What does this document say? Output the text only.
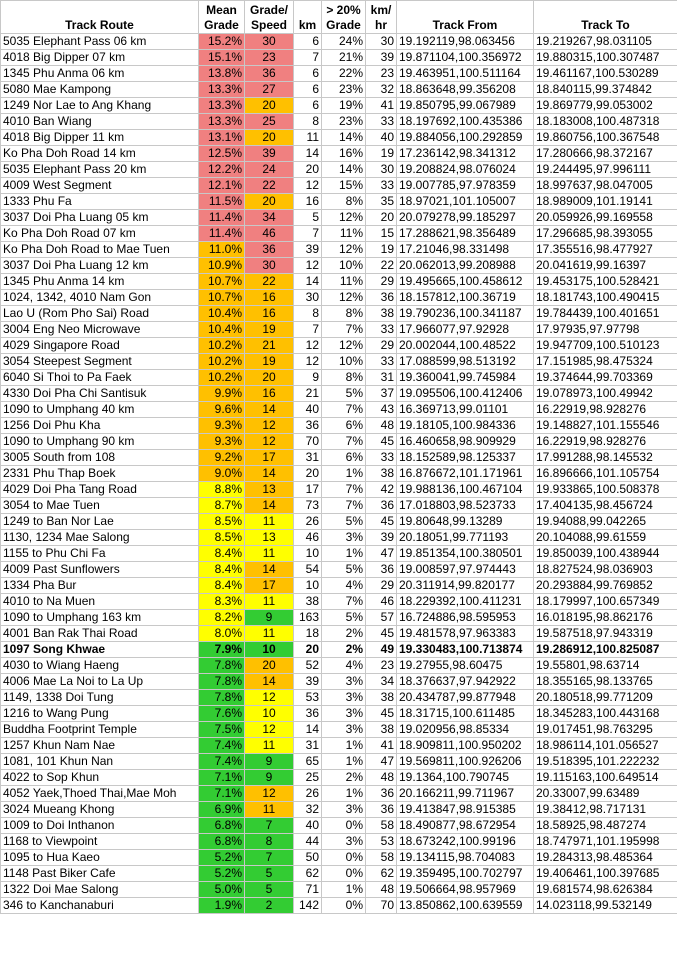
Track Route	Mean Grade	Grade/ Speed	km	> 20% Grade	km/ hr	Track From	Track To
5035 Elephant Pass 06 km	15.2%	30	6	24%	30	19.192119,98.063456	19.219267,98.031105
4018 Big Dipper 07 km	15.1%	23	7	21%	39	19.871104,100.356972	19.880315,100.307487
1345 Phu Anma 06 km	13.8%	36	6	22%	23	19.463951,100.511164	19.461167,100.530289
5080 Mae Kampong	13.3%	27	6	23%	32	18.863648,99.356208	18.840115,99.374842
1249 Nor Lae to Ang Khang	13.3%	20	6	19%	41	19.850795,99.067989	19.869779,99.053002
4010 Ban Wiang	13.3%	25	8	23%	33	18.197692,100.435386	18.183008,100.487318
4018 Big Dipper 11 km	13.1%	20	11	14%	40	19.884056,100.292859	19.860756,100.367548
Ko Pha Doh Road 14 km	12.5%	39	14	16%	19	17.236142,98.341312	17.280666,98.372167
5035 Elephant Pass 20 km	12.2%	24	20	14%	30	19.208824,98.076024	19.244495,97.996111
4009 West Segment	12.1%	22	12	15%	33	19.007785,97.978359	18.997637,98.047005
1333 Phu Fa	11.5%	20	16	8%	35	18.97021,101.105007	18.989009,101.19141
3037 Doi Pha Luang 05 km	11.4%	34	5	12%	20	20.079278,99.185297	20.059926,99.169558
Ko Pha Doh Road 07 km	11.4%	46	7	11%	15	17.288621,98.356489	17.296685,98.393055
Ko Pha Doh Road to Mae Tuen	11.0%	36	39	12%	19	17.21046,98.331498	17.355516,98.477927
3037 Doi Pha Luang 12 km	10.9%	30	12	10%	22	20.062013,99.208988	20.041619,99.16397
1345 Phu Anma 14 km	10.7%	22	14	11%	29	19.495665,100.458612	19.453175,100.528421
1024, 1342, 4010 Nam Gon	10.7%	16	30	12%	36	18.157812,100.36719	18.181743,100.490415
Lao U (Rom Pho Sai) Road	10.4%	16	8	8%	38	19.790236,100.341187	19.784439,100.401651
3004 Eng Neo Microwave	10.4%	19	7	7%	33	17.966077,97.92928	17.97935,97.97798
4029 Singapore Road	10.2%	21	12	12%	29	20.002044,100.48522	19.947709,100.510123
3054 Steepest Segment	10.2%	19	12	10%	33	17.088599,98.513192	17.151985,98.475324
6040 Si Thoi to Pa Faek	10.2%	20	9	8%	31	19.360041,99.745984	19.374644,99.703369
4330 Doi Pha Chi Santisuk	9.9%	16	21	5%	37	19.095506,100.412406	19.078973,100.49942
1090 to Umphang 40 km	9.6%	14	40	7%	43	16.369713,99.01101	16.22919,98.928276
1256 Doi Phu Kha	9.3%	12	36	6%	48	19.18105,100.984336	19.148827,101.155546
1090 to Umphang 90 km	9.3%	12	70	7%	45	16.460658,98.909929	16.22919,98.928276
3005 South from 108	9.2%	17	31	6%	33	18.152589,98.125337	17.991288,98.145532
2331 Phu Thap Boek	9.0%	14	20	1%	38	16.876672,101.171961	16.896666,101.105754
4029 Doi Pha Tang Road	8.8%	13	17	7%	42	19.988136,100.467104	19.933865,100.508378
3054 to Mae Tuen	8.7%	14	73	7%	36	17.018803,98.523733	17.404135,98.456724
1249 to Ban Nor Lae	8.5%	11	26	5%	45	19.80648,99.13289	19.94088,99.042265
1130, 1234 Mae Salong	8.5%	13	46	3%	39	20.18051,99.771193	20.104088,99.61559
1155 to Phu Chi Fa	8.4%	11	10	1%	47	19.851354,100.380501	19.850039,100.438944
4009 Past Sunflowers	8.4%	14	54	5%	36	19.008597,97.974443	18.827524,98.036903
1334 Pha Bur	8.4%	17	10	4%	29	20.311914,99.820177	20.293884,99.769852
4010 to Na Muen	8.3%	11	38	7%	46	18.229392,100.411231	18.179997,100.657349
1090 to Umphang 163 km	8.2%	9	163	5%	57	16.724886,98.595953	16.018195,98.862176
4001 Ban Rak Thai Road	8.0%	11	18	2%	45	19.481578,97.963383	19.587518,97.943319
1097 Song Khwae	7.9%	10	20	2%	49	19.330483,100.713874	19.286912,100.825087
4030 to Wiang Haeng	7.8%	20	52	4%	23	19.27955,98.60475	19.55801,98.63714
4006 Mae La Noi to La Up	7.8%	14	39	3%	34	18.376637,97.942922	18.355165,98.133765
1149, 1338 Doi Tung	7.8%	12	53	3%	38	20.434787,99.877948	20.180518,99.771209
1216 to Wang Pung	7.6%	10	36	3%	45	18.31715,100.611485	18.345283,100.443168
Buddha Footprint Temple	7.5%	12	14	3%	38	19.020956,98.85334	19.017451,98.763295
1257 Khun Nam Nae	7.4%	11	31	1%	41	18.909811,100.950202	18.986114,101.056527
1081, 101 Khun Nan	7.4%	9	65	1%	47	19.569811,100.926206	19.518395,101.222232
4022 to Sop Khun	7.1%	9	25	2%	48	19.1364,100.790745	19.115163,100.649514
4052 Yaek,Thoed Thai,Mae Moh	7.1%	12	26	1%	36	20.166211,99.711967	20.33007,99.63489
3024 Mueang Khong	6.9%	11	32	3%	36	19.413847,98.915385	19.38412,98.717131
1009 to Doi Inthanon	6.8%	7	40	0%	58	18.490877,98.672954	18.58925,98.487274
1168 to Viewpoint	6.8%	8	44	3%	53	18.673242,100.99196	18.747971,101.195998
1095 to Hua Kaeo	5.2%	7	50	0%	58	19.134115,98.704083	19.284313,98.485364
1148 Past Biker Cafe	5.2%	5	62	0%	62	19.359495,100.702797	19.406461,100.397685
1322 Doi Mae Salong	5.0%	5	71	1%	48	19.506664,98.957969	19.681574,98.626384
346 to Kanchanaburi	1.9%	2	142	0%	70	13.850862,100.639559	14.023118,99.532149
